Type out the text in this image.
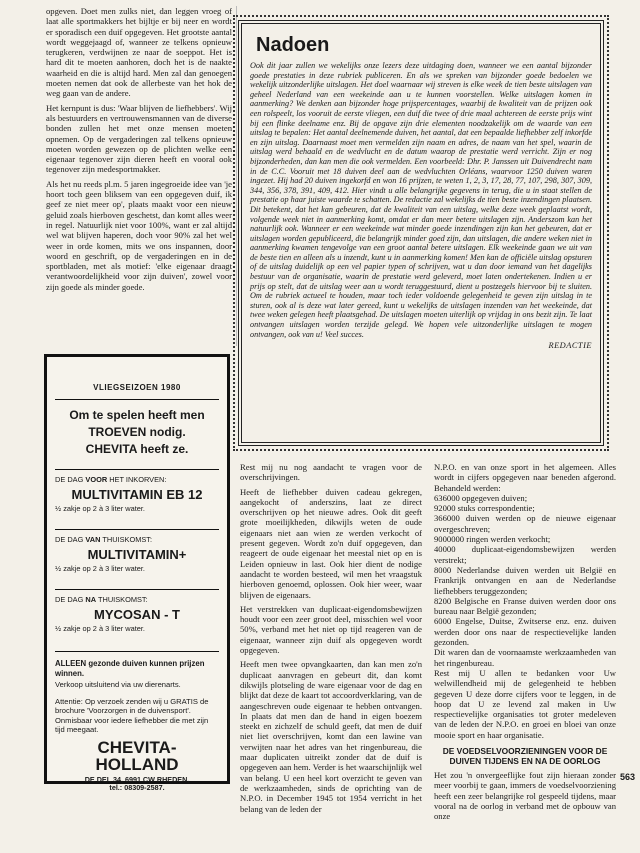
opgeven. Doet men zulks niet, dan leggen vroeg of laat alle sportmakkers het bijltje er bij neer en wordt er sporadisch een duif opgegeven. Het grootste aantal wordt weggejaagd of, wanneer ze telkens opnieuw terugkeren, verdwijnen ze naar de soeppot. Het is hard dit te moeten aanhoren, doch het is de naakte waarheid en die is altijd hard. Men zal dan genoegen moeten nemen dat ook de allerbeste van het hok de weg gaan van de andere.

Het kernpunt is dus: 'Waar blijven de liefhebbers'. Wij als bestuurders en vertrouwensmannen van de diverse bonden zullen het met onze mensen moeten opnemen. Op de vergaderingen zal telkens opnieuw moeten worden gewezen op de plichten welke een eigenaar tegenover zijn dieren heeft en vooral ook tegenover zijn medesportmakker.

Als het nu reeds pl.m. 5 jaren ingegroeide idee van 'je hoort toch geen bliksem van een opgegeven duif, ik geef ze niet meer op', plaats maakt voor een nieuw geluid zoals hierboven geschetst, dan komt alles weer in regel. Natuurlijk niet voor 100%, want er zal altijd wel wat blijven haperen, doch voor 90% zal het wel weer in orde komen, mits we ons inspannen, door woord en geschrift, op de vergaderingen en in de sportbladen, met als motief: 'elke eigenaar draagt verantwoordelijkheid voor zijn duiven', zowel voor zijn goede als minder goede.

Nadoen

Ook dit jaar zullen we wekelijks onze lezers deze uitdaging doen, wanneer we een aantal bijzonder goede prestaties in deze rubriek publiceren. En als we spreken van bijzonder goede bedoelen we wekelijk uitzonderlijke uitslagen. Het doel waarnaar wij streven is elke week de tien beste uitslagen van geheel Nederland van een weekeinde aan u te kunnen voorstellen. Welke uitslagen komen in aanmerking? We denken aan bijzonder hoge prijspercentages, waarbij de kwaliteit van de prijzen ook een rolspeelt, los vooruit de eerste vliegen, een duif die twee of drie maal achtereen de eerste prijs wint bij een flinke deelname enz. Bij de opgave zijn drie elementen noodzakelijk om de waarde van een uitslag te bepalen: Het aantal deelnemende duiven, het aantal, dat een bepaalde liefhebber zelf inkorfde en zijn uitslag. Daarnaast moet men vermelden zijn naam en adres, de naam van het spel, waarin de uitslag werd behaald en de wedvlucht en de datum waarop de prestatie werd verricht. Zijn er nog bijzonderheden, dan kan men die ook vermelden. Een voorbeeld: Dhr. P. Janssen uit Duivendrecht nam in de C.C. Vooruit met 18 duiven deel aan de wedvluchten Orléans, waarvoor 1250 duiven waren ingezet. Hij had 20 duiven ingekorfd en won 16 prijzen, te weten 1, 2, 3, 17, 28, 77, 107, 298, 307, 309, 344, 356, 378, 391, 409, 412. Hier vindt u alle belangrijke gegevens in terug, die u in staat stellen de prestatie op haar juiste waarde te schatten. De redactie zal wekelijks de tien beste inzendingen plaatsen. Dit betekent, dat het kan gebeuren, dat de kwaliteit van een uitslag, welke deze week geplaatst wordt, volgende week niet in aanmerking komt, omdat er dan meer betere uitslagen zijn. Anderszom kan het natuurlijk ook. Wanneer er een weekeinde wat minder goede inzendingen zijn kan het gebeuren, dat er uitslagen worden gepubliceerd, die belangrijk minder goed zijn, dan uitslagen, die andere weken niet in aanmerking kwamen tengevolge van een groot aantal betere uitslagen. Elk weekeinde gaan we uit van de beste tien en alleen als u inzendt, kunt u in aanmerking komen! Men kan de officiële uitslag opsturen of de uitslag duidelijk op een vel papier typen of schrijven, wat u dan door iemand van het dagelijks bestuur van de organisatie, waarin de prestatie werd geleverd, moet laten ondertekenen. Indien u er prijs op stelt, dat de uitslag weer aan u wordt teruggestuurd, dient u postzegels hiervoor bij te sluiten. Om de rubriek actueel te houden, maar toch ieder voldoende gelegenheid te geven zijn uitslag in te sturen, ook al is deze wat later gereed, kunt u wekelijks de uitslagen inzenden van het weekeinde, dat twee weken gelegen heeft plaatsgehad. De uitslagen moeten uiterlijk op vrijdag in ons bezit zijn. Te laat ontvangen uitslagen worden terzijde gelegd. We hopen vele uitzonderlijke uitslagen te mogen ontvangen, ook van u! Veel succes.

REDACTIE
VLIEGSEIZOEN 1980
Om te spelen heeft men
TROEVEN nodig.
CHEVITA heeft ze.
DE DAG VOOR HET INKORVEN:
MULTIVITAMIN EB 12
½ zakje op 2 à 3 liter water.
DE DAG VAN THUISKOMST:
MULTIVITAMIN+
½ zakje op 2 à 3 liter water.
DE DAG NA THUISKOMST:
MYCOSAN - T
½ zakje op 2 à 3 liter water.
ALLEEN gezonde duiven kunnen prijzen winnen.
Verkoop uitsluitend via uw dierenarts.
Attentie: Op verzoek zenden wij u GRATIS de brochure 'Voorzorgen in de duivensport'. Onmisbaar voor iedere liefhebber die met zijn tijd meegaat.
CHEVITA-
HOLLAND
DE DEL 34, 6991 CW RHEDEN,
tel.: 08309-2587.

Rest mij nu nog aandacht te vragen voor de overschrijvingen.

Heeft de liefhebber duiven cadeau gekregen, aangekocht of anderszins, laat ze direct overschrijven op het nieuwe adres. Ook dit geeft grote moeilijkheden, dikwijls weten de oude eigenaars niet aan wien ze werden verkocht of present gegeven. Wordt zo'n duif opgegeven, dan reageert de oude eigenaar het meestal niet op en is Leiden opnieuw in last. Ook hier dient de nodige aandacht te worden besteed, wil men het vraagstuk hierboven genoemd, oplossen. Ook hier weer, waar blijven de eigenaars.

Het verstrekken van duplicaat-eigendomsbewijzen houdt voor een zeer groot deel, misschien wel voor 50%, verband met het niet op tijd reageren van de eigenaar, wanneer zijn duif als opgegeven wordt opgegeven.

Heeft men twee opvangkaarten, dan kan men zo'n duplicaat aanvragen en gebeurt dit, dan komt dikwijls plotseling de ware eigenaar voor de dag en blijkt dat deze de kaart tot accoordverklaring, van de aangeschreven oude eigenaar te hebben ontvangen. In plaats dat men dan de hand in eigen boezem steekt en zichzelf de schuld geeft, dat men de duif niet liet overschrijven, komt dan een lawine van verwijten naar het adres van het ringenbureau, die maar duplicaten uitreikt zonder dat de duif is opgegeven aan hem. Verder is het waarschijnlijk wel van belang. U een heel kort overzicht te geven van de werkzaamheden, sinds de oprichting van de N.P.O. in December 1945 tot 1954 verricht in het belang van de leden der

N.P.O. en van onze sport in het algemeen. Alles wordt in cijfers opgegeven naar beneden afgerond. Behandeld werden:

636000 opgegeven duiven;

92000 stuks correspondentie;

366000 duiven werden op de nieuwe eigenaar overgeschreven;

9000000 ringen werden verkocht;

40000 duplicaat-eigendomsbewijzen werden verstrekt;

8000 Nederlandse duiven werden uit België en Frankrijk ontvangen en aan de Nederlandse liefhebbers teruggezonden;

8200 Belgische en Franse duiven werden door ons bureau naar België gezonden;

6000 Engelse, Duitse, Zwitserse enz. enz. duiven werden door ons naar de respectievelijke landen gezonden.

Dit waren dan de voornaamste werkzaamheden van het ringenbureau.

Rest mij U allen te bedanken voor Uw welwillendheid mij de gelegenheid te hebben gegeven U deze dorre cijfers voor te leggen, in de hoop dat U ze levend zal maken in Uw respectievelijke organisaties tot groter medeleven van de leden der N.P.O. en groei en bloei van onze mooie sport en haar organisatie.

DE VOEDSELVOORZIENINGEN VOOR DE DUIVEN TIJDENS EN NA DE OORLOG

Het zou 'n onvergeeflijke fout zijn hieraan zonder meer voorbij te gaan, immers de voedselvoorziening heeft een zeer belangrijke rol gespeeld tijdens, maar vooral na de oorlog in verband met de opbouw van onze

563
